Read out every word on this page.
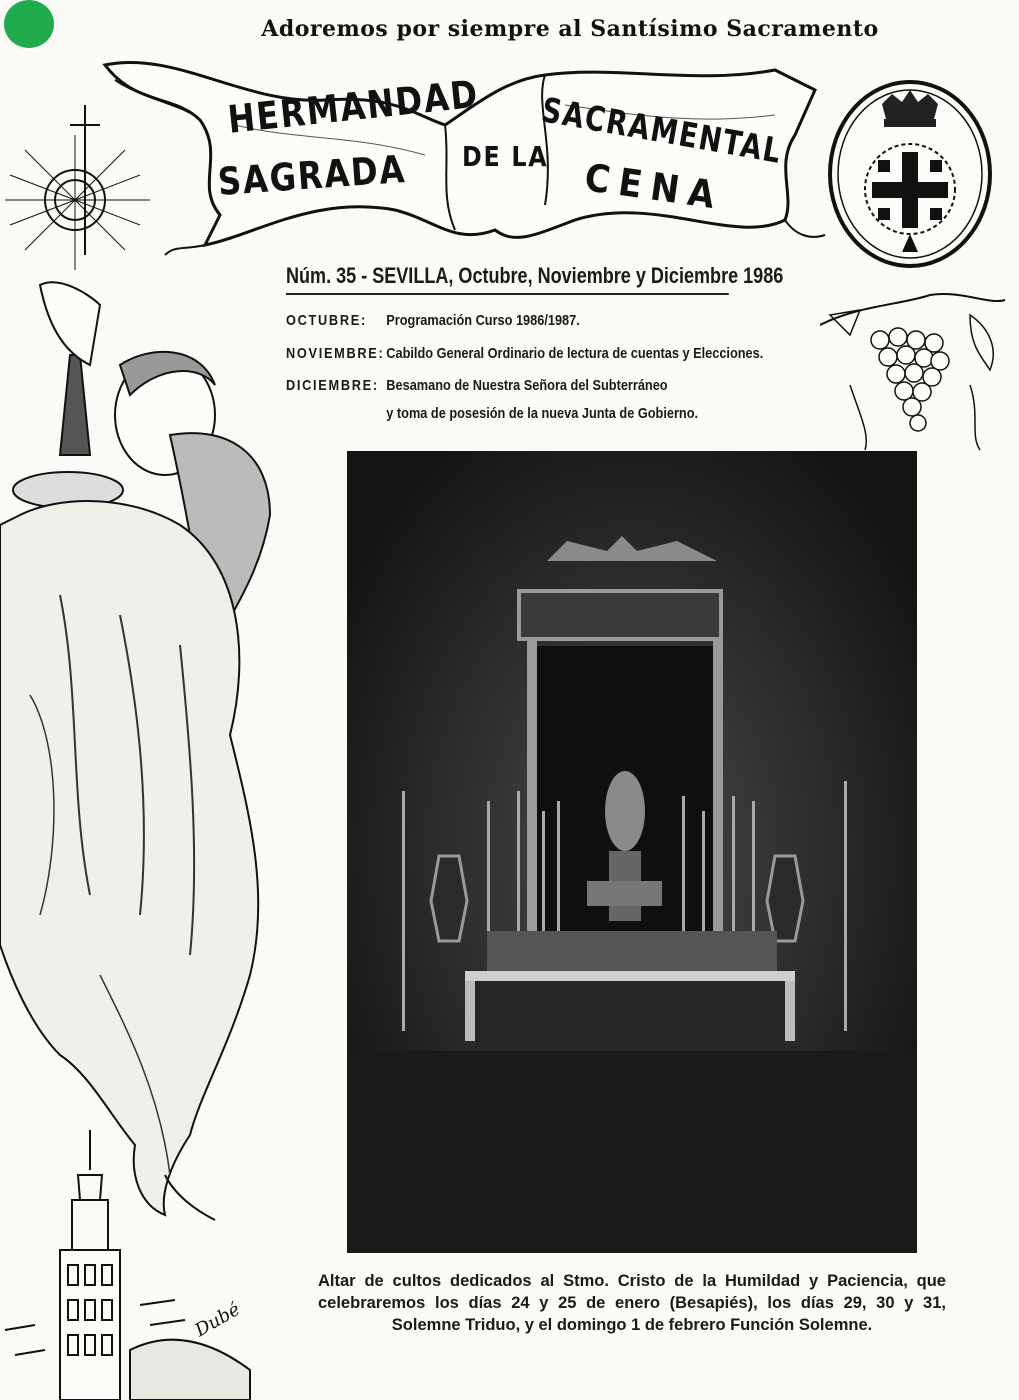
Adoremos por siempre al Santísimo Sacramento
HERMANDAD
SAGRADA DE LA
SACRAMENTAL
CENA
Núm. 35 - SEVILLA, Octubre, Noviembre y Diciembre 1986
OCTUBRE: Programación Curso 1986/1987.
NOVIEMBRE: Cabildo General Ordinario de lectura de cuentas y Elecciones.
DICIEMBRE: Besamano de Nuestra Señora del Subterráneo
y toma de posesión de la nueva Junta de Gobierno.
Dubé
Altar de cultos dedicados al Stmo. Cristo de la Humildad y Paciencia, que celebraremos los días 24 y 25 de enero (Besapiés), los días 29, 30 y 31, Solemne Triduo, y el domingo 1 de febrero Función Solemne.
